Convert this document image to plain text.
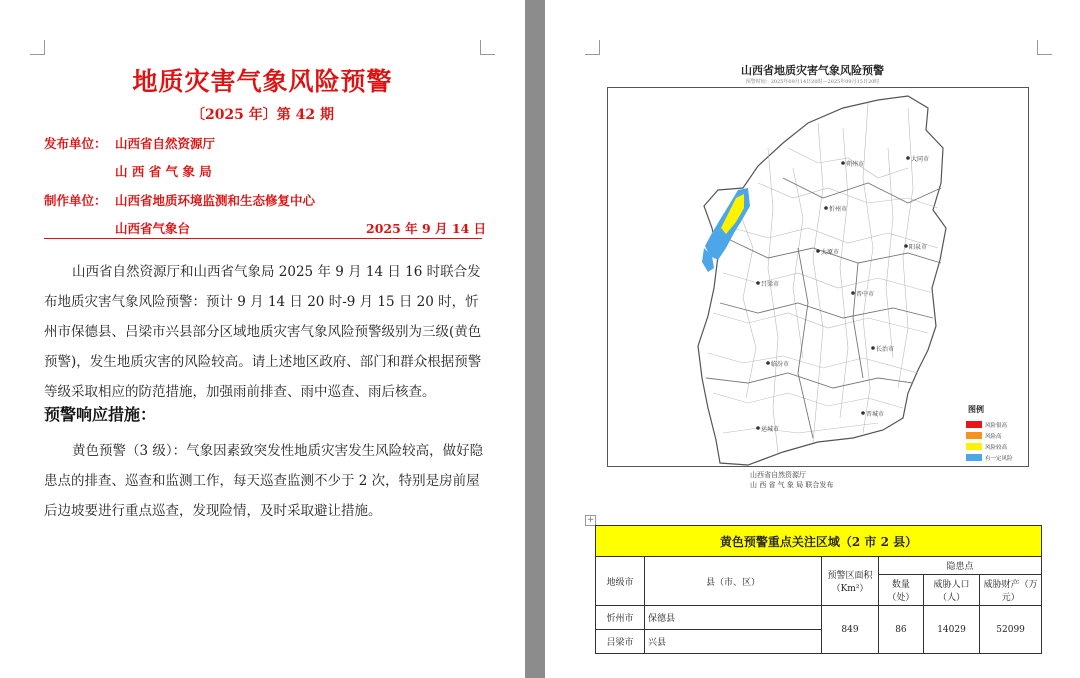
地质灾害气象风险预警
〔2025 年〕第 42 期
发布单位： 山西省自然资源厅
山 西 省 气 象 局
制作单位： 山西省地质环境监测和生态修复中心
山西省气象台	2025 年 9 月 14 日
山西省自然资源厅和山西省气象局 2025 年 9 月 14 日 16 时联合发布地质灾害气象风险预警：预计 9 月 14 日 20 时-9 月 15 日 20 时，忻州市保德县、吕梁市兴县部分区域地质灾害气象风险预警级别为三级(黄色预警)，发生地质灾害的风险较高。请上述地区政府、部门和群众根据预警等级采取相应的防范措施，加强雨前排查、雨中巡查、雨后核查。
预警响应措施：
黄色预警（3 级）：气象因素致突发性地质灾害发生风险较高，做好隐患点的排查、巡查和监测工作，每天巡查监测不少于 2 次，特别是房前屋后边坡要进行重点巡查，发现险情，及时采取避让措施。
山西省地质灾害气象风险预警
预警时间：2025年09月14日20时—2025年09月15日20时
大同市
朔州市
忻州市
阳泉市
太原市
吕梁市
晋中市
长治市
临汾市
晋城市
运城市
图例
风险很高
风险高
风险较高
有一定风险
山西省自然资源厅
山 西 省 气 象 局 联合发布
+
黄色预警重点关注区域（2 市 2 县）					
地级市	县（市、区）	预警区面积（Km²）	隐患点		
			数量（处）	威胁人口（人）	威胁财产（万元）
忻州市	保德县	849	86	14029	52099
吕梁市	兴县				
